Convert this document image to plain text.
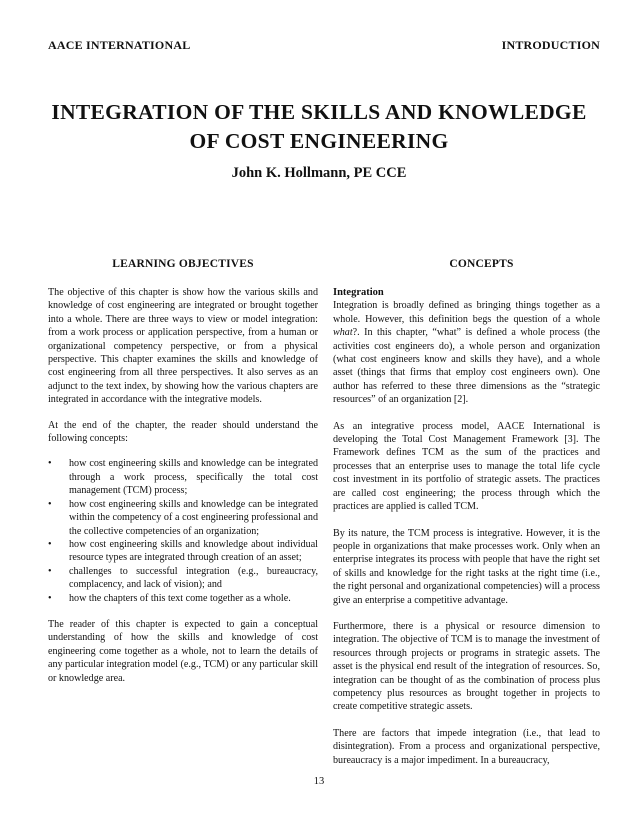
AACE INTERNATIONAL	INTRODUCTION
INTEGRATION OF THE SKILLS AND KNOWLEDGE
OF COST ENGINEERING
John K. Hollmann, PE CCE
LEARNING OBJECTIVES

The objective of this chapter is show how the various skills and knowledge of cost engineering are integrated or brought together into a whole. There are three ways to view or model integration: from a work process or application perspective, from a human or organizational competency perspective, or from a physical perspective. This chapter examines the skills and knowledge of cost engineering from all three perspectives. It also serves as an adjunct to the text index, by showing how the various chapters are integrated in accordance with the integrative models.

At the end of the chapter, the reader should understand the following concepts:

• how cost engineering skills and knowledge can be integrated through a work process, specifically the total cost management (TCM) process;
• how cost engineering skills and knowledge can be integrated within the competency of a cost engineering professional and the collective competencies of an organization;
• how cost engineering skills and knowledge about individual resource types are integrated through creation of an asset;
• challenges to successful integration (e.g., bureaucracy, complacency, and lack of vision); and
• how the chapters of this text come together as a whole.

The reader of this chapter is expected to gain a conceptual understanding of how the skills and knowledge of cost engineering come together as a whole, not to learn the details of any particular integration model (e.g., TCM) or any particular skill or knowledge area.

CONCEPTS
Integration

Integration is broadly defined as bringing things together as a whole. However, this definition begs the question of a whole what?. In this chapter, “what” is defined a whole process (the activities cost engineers do), a whole person and organization (what cost engineers know and skills they have), and a whole asset (things that firms that employ cost engineers own). One author has referred to these three dimensions as the “strategic resources” of an organization [2].

As an integrative process model, AACE International is developing the Total Cost Management Framework [3]. The Framework defines TCM as the sum of the practices and processes that an enterprise uses to manage the total life cycle cost investment in its portfolio of strategic assets. The practices are called cost engineering; the process through which the practices are applied is called TCM.

By its nature, the TCM process is integrative. However, it is the people in organizations that make processes work. Only when an enterprise integrates its process with people that have the right set of skills and knowledge for the right tasks at the right time (i.e., the right personal and organizational competencies) will a process give an enterprise a competitive advantage.

Furthermore, there is a physical or resource dimension to integration. The objective of TCM is to manage the investment of resources through projects or programs in strategic assets. The asset is the physical end result of the integration of resources. So, integration can be thought of as the combination of process plus competency plus resources as brought together in projects to create competitive strategic assets.

There are factors that impede integration (i.e., that lead to disintegration). From a process and organizational perspective, bureaucracy is a major impediment. In a bureaucracy,

13
